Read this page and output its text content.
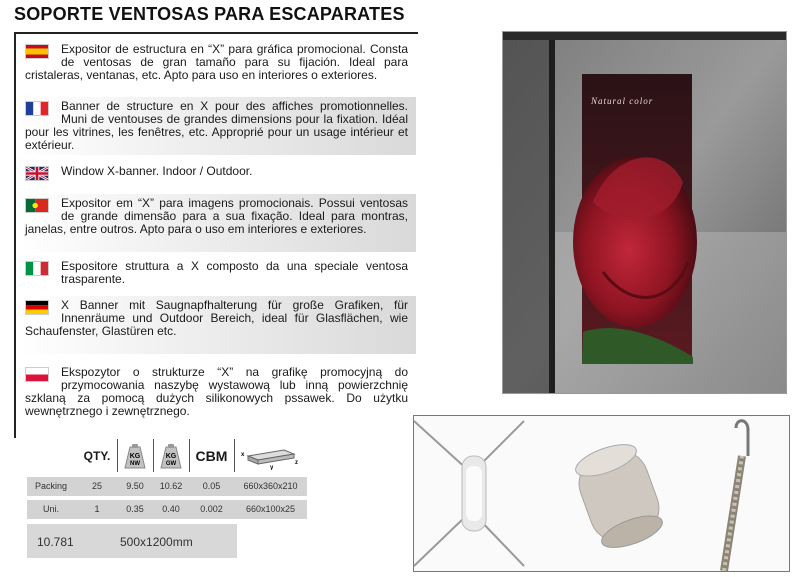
SOPORTE VENTOSAS PARA ESCAPARATES

Expositor de estructura en “X” para gráfica promocional. Consta de ventosas de gran tamaño para su fijación. Ideal para cristaleras, ventanas, etc. Apto para uso en interiores o exteriores.

Banner de structure en X pour des affiches promotionnelles. Muni de ventouses de grandes dimensions pour la fixation. Idéal pour les vitrines, les fenêtres, etc. Approprié pour un usage intérieur et extérieur.

Window X-banner. Indoor / Outdoor.

Expositor em “X” para imagens promocionais. Possui ventosas de grande dimensão para a sua fixação. Ideal para montras, janelas, entre outros. Apto para o uso em interiores e exteriores.

Espositore struttura a X composto da una speciale ventosa trasparente.

X Banner mit Saugnapfhalterung für große Grafiken, für Innenräume und Outdoor Bereich, ideal für Glasflächen, wie Schaufenster, Glastüren etc.

Ekspozytor o strukturze “X” na grafikę promocyjną do przymocowania naszybę wystawową lub inną powierzchnię szklaną za pomocą dużych silikonowych pssawek. Do użytku wewnętrznego i zewnętrznego.

QTY.	KG
NW
KG
GW	CBM	x
y
z
Packing	25	9.50	10.62	0.05	660x360x210
Uni.	1	0.35	0.40	0.002	660x100x25
10.781	500x1200mm
Natural color
